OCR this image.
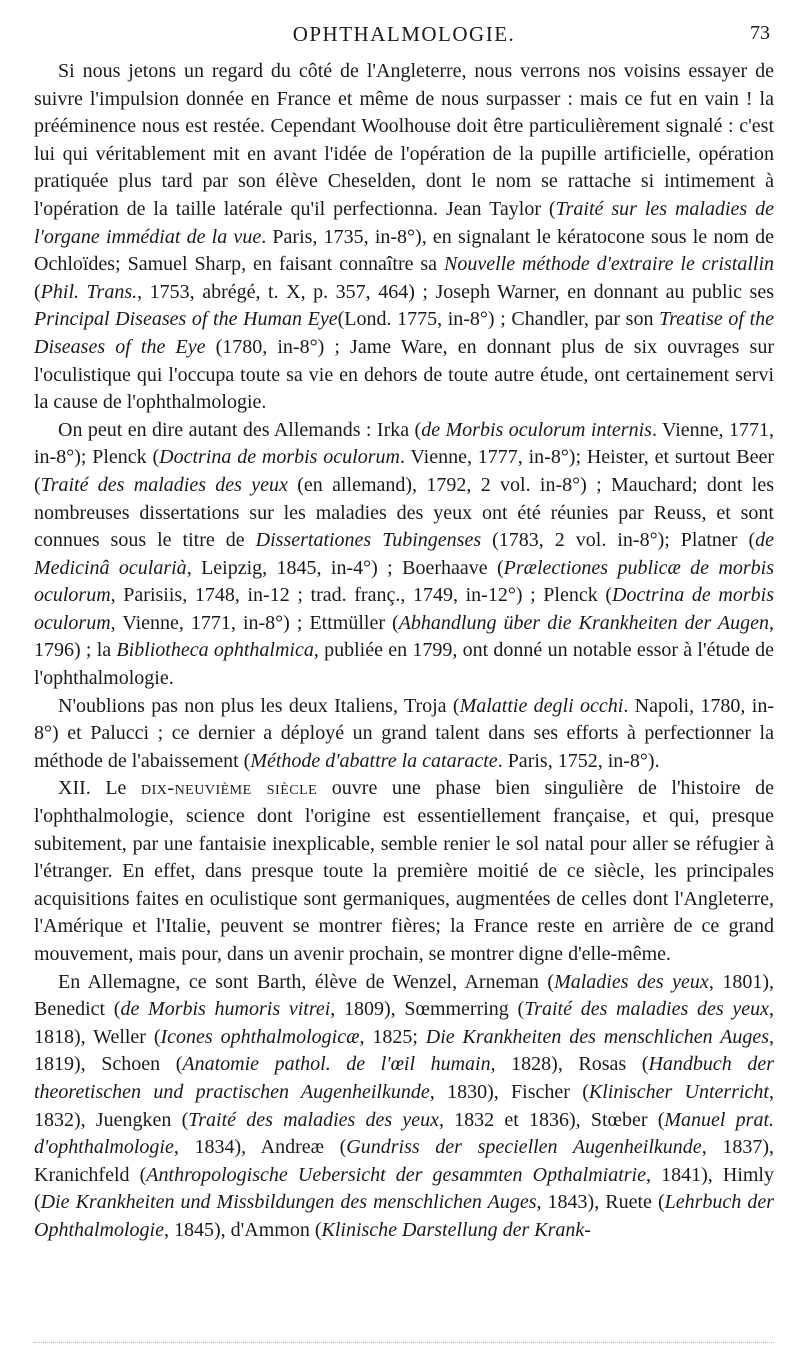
OPHTHALMOLOGIE.	73

Si nous jetons un regard du côté de l'Angleterre, nous verrons nos voisins essayer de suivre l'impulsion donnée en France et même de nous surpasser : mais ce fut en vain ! la prééminence nous est restée. Cependant Woolhouse doit être particulièrement signalé : c'est lui qui véritablement mit en avant l'idée de l'opération de la pupille artificielle, opération pratiquée plus tard par son élève Cheselden, dont le nom se rattache si intimement à l'opération de la taille latérale qu'il perfectionna. Jean Taylor (Traité sur les maladies de l'organe immédiat de la vue. Paris, 1735, in-8°), en signalant le kératocone sous le nom de Ochloïdes; Samuel Sharp, en faisant connaître sa Nouvelle méthode d'extraire le cristallin (Phil. Trans., 1753, abrégé, t. X, p. 357, 464) ; Joseph Warner, en donnant au public ses Principal Diseases of the Human Eye(Lond. 1775, in-8°) ; Chandler, par son Treatise of the Diseases of the Eye (1780, in-8°) ; Jame Ware, en donnant plus de six ouvrages sur l'oculistique qui l'occupa toute sa vie en dehors de toute autre étude, ont certainement servi la cause de l'ophthalmologie.

On peut en dire autant des Allemands : Irka (de Morbis oculorum internis. Vienne, 1771, in-8°); Plenck (Doctrina de morbis oculorum. Vienne, 1777, in-8°); Heister, et surtout Beer (Traité des maladies des yeux (en allemand), 1792, 2 vol. in-8°) ; Mauchard; dont les nombreuses dissertations sur les maladies des yeux ont été réunies par Reuss, et sont connues sous le titre de Dissertationes Tubingenses (1783, 2 vol. in-8°); Platner (de Medicinâ ocularià, Leipzig, 1845, in-4°) ; Boerhaave (Prælectiones publicæ de morbis oculorum, Parisiis, 1748, in-12 ; trad. franç., 1749, in-12°) ; Plenck (Doctrina de morbis oculorum, Vienne, 1771, in-8°) ; Ettmüller (Abhandlung über die Krankheiten der Augen, 1796) ; la Bibliotheca ophthalmica, publiée en 1799, ont donné un notable essor à l'étude de l'ophthalmologie.

N'oublions pas non plus les deux Italiens, Troja (Malattie degli occhi. Napoli, 1780, in-8°) et Palucci ; ce dernier a déployé un grand talent dans ses efforts à perfectionner la méthode de l'abaissement (Méthode d'abattre la cataracte. Paris, 1752, in-8°).

XII. Le dix-neuvième siècle ouvre une phase bien singulière de l'histoire de l'ophthalmologie, science dont l'origine est essentiellement française, et qui, presque subitement, par une fantaisie inexplicable, semble renier le sol natal pour aller se réfugier à l'étranger. En effet, dans presque toute la première moitié de ce siècle, les principales acquisitions faites en oculistique sont germaniques, augmentées de celles dont l'Angleterre, l'Amérique et l'Italie, peuvent se montrer fières; la France reste en arrière de ce grand mouvement, mais pour, dans un avenir prochain, se montrer digne d'elle-même.

En Allemagne, ce sont Barth, élève de Wenzel, Arneman (Maladies des yeux, 1801), Benedict (de Morbis humoris vitrei, 1809), Sœmmerring (Traité des maladies des yeux, 1818), Weller (Icones ophthalmologicæ, 1825; Die Krankheiten des menschlichen Auges, 1819), Schoen (Anatomie pathol. de l'œil humain, 1828), Rosas (Handbuch der theoretischen und practischen Augenheilkunde, 1830), Fischer (Klinischer Unterricht, 1832), Juengken (Traité des maladies des yeux, 1832 et 1836), Stœber (Manuel prat. d'ophthalmologie, 1834), Andreæ (Gundriss der speciellen Augenheilkunde, 1837), Kranichfeld (Anthropologische Uebersicht der gesammten Opthalmiatrie, 1841), Himly (Die Krankheiten und Missbildungen des menschlichen Auges, 1843), Ruete (Lehrbuch der Ophthalmologie, 1845), d'Ammon (Klinische Darstellung der Krank-
